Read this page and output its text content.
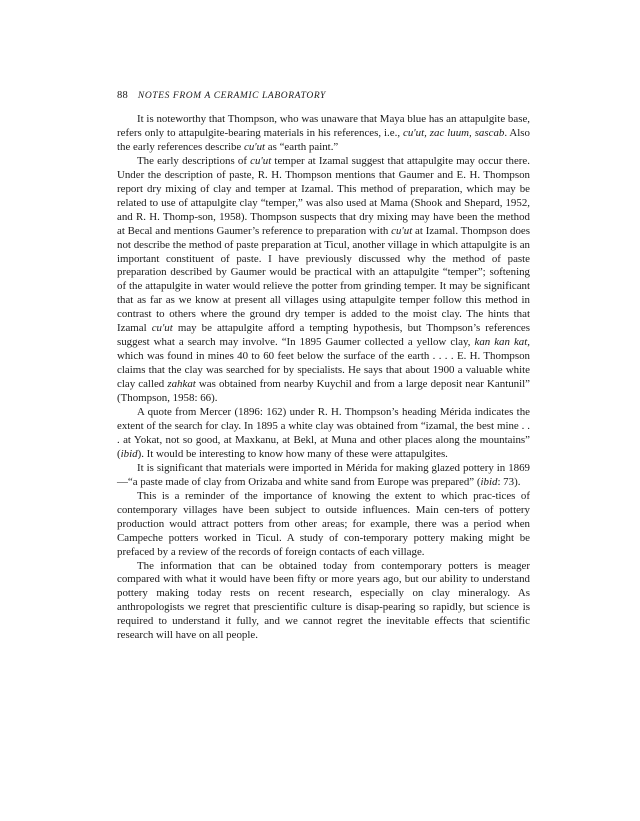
88 NOTES FROM A CERAMIC LABORATORY

It is noteworthy that Thompson, who was unaware that Maya blue has an attapulgite base, refers only to attapulgite-bearing materials in his references, i.e., cu'ut, zac luum, sascab. Also the early references describe cu'ut as “earth paint.”

The early descriptions of cu'ut temper at Izamal suggest that attapulgite may occur there. Under the description of paste, R. H. Thompson mentions that Gaumer and E. H. Thompson report dry mixing of clay and temper at Izamal. This method of preparation, which may be related to use of attapulgite clay “temper,” was also used at Mama (Shook and Shepard, 1952, and R. H. Thomp-son, 1958). Thompson suspects that dry mixing may have been the method at Becal and mentions Gaumer’s reference to preparation with cu'ut at Izamal. Thompson does not describe the method of paste preparation at Ticul, another village in which attapulgite is an important constituent of paste. I have previously discussed why the method of paste preparation described by Gaumer would be practical with an attapulgite “temper”; softening of the attapulgite in water would relieve the potter from grinding temper. It may be significant that as far as we know at present all villages using attapulgite temper follow this method in contrast to others where the ground dry temper is added to the moist clay. The hints that Izamal cu'ut may be attapulgite afford a tempting hypothesis, but Thompson’s references suggest what a search may involve. “In 1895 Gaumer collected a yellow clay, kan kan kat, which was found in mines 40 to 60 feet below the surface of the earth . . . . E. H. Thompson claims that the clay was searched for by specialists. He says that about 1900 a valuable white clay called zahkat was obtained from nearby Kuychil and from a large deposit near Kantunil” (Thompson, 1958: 66).

A quote from Mercer (1896: 162) under R. H. Thompson’s heading Mérida indicates the extent of the search for clay. In 1895 a white clay was obtained from “izamal, the best mine . . . at Yokat, not so good, at Maxkanu, at Bekl, at Muna and other places along the mountains” (ibid). It would be interesting to know how many of these were attapulgites.

It is significant that materials were imported in Mérida for making glazed pottery in 1869—“a paste made of clay from Orizaba and white sand from Europe was prepared” (ibid: 73).

This is a reminder of the importance of knowing the extent to which prac-tices of contemporary villages have been subject to outside influences. Main cen-ters of pottery production would attract potters from other areas; for example, there was a period when Campeche potters worked in Ticul. A study of con-temporary pottery making might be prefaced by a review of the records of foreign contacts of each village.

The information that can be obtained today from contemporary potters is meager compared with what it would have been fifty or more years ago, but our ability to understand pottery making today rests on recent research, especially on clay mineralogy. As anthropologists we regret that prescientific culture is disap-pearing so rapidly, but science is required to understand it fully, and we cannot regret the inevitable effects that scientific research will have on all people.
